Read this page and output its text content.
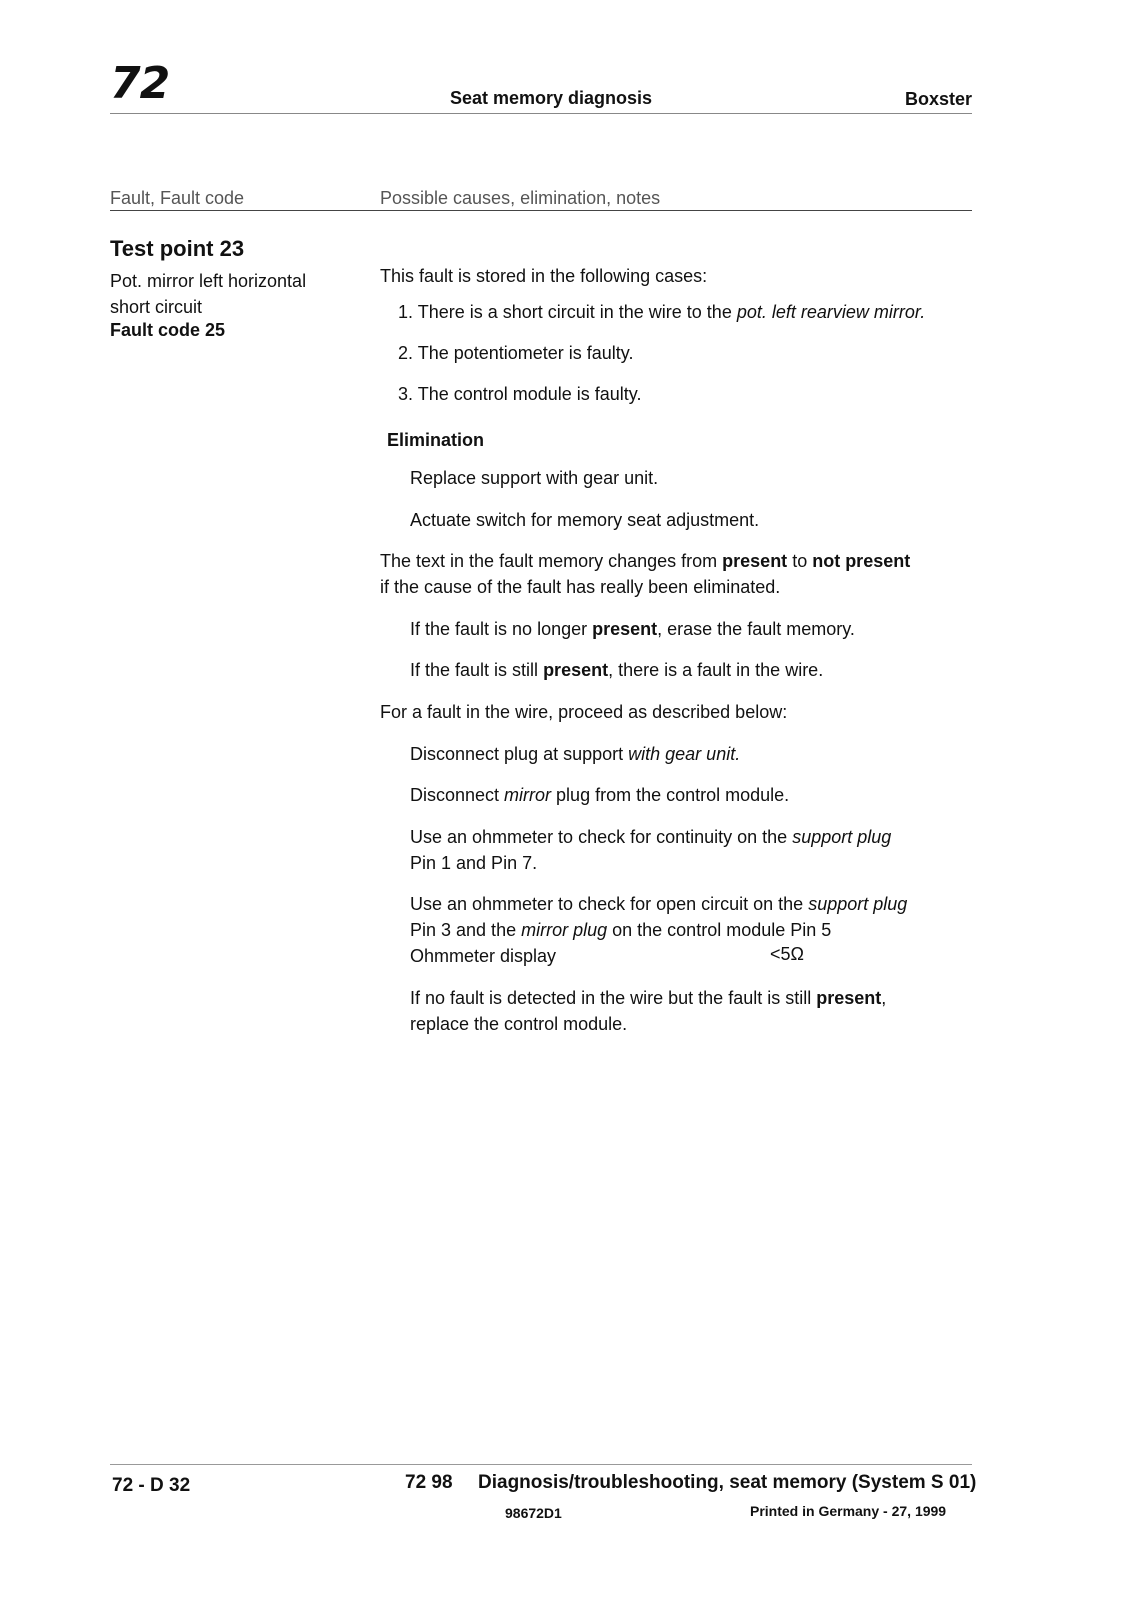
72	Seat memory diagnosis	Boxster
Fault, Fault code	Possible causes, elimination, notes
Test point 23
Pot. mirror left horizontal
short circuit
Fault code 25
This fault is stored in the following cases:
1. There is a short circuit in the wire to the pot. left rearview mirror.
2. The potentiometer is faulty.
3. The control module is faulty.
Elimination
Replace support with gear unit.
Actuate switch for memory seat adjustment.
The text in the fault memory changes from present to not present
if the cause of the fault has really been eliminated.
If the fault is no longer present, erase the fault memory.
If the fault is still present, there is a fault in the wire.
For a fault in the wire, proceed as described below:
Disconnect plug at support with gear unit.
Disconnect mirror plug from the control module.
Use an ohmmeter to check for continuity on the support plug
Pin 1 and Pin 7.
Use an ohmmeter to check for open circuit on the support plug
Pin 3 and the mirror plug on the control module Pin 5
Ohmmeter display	<5Ω
If no fault is detected in the wire but the fault is still present,
replace the control module.
72 - D 32	72 98 Diagnosis/troubleshooting, seat memory (System S 01)
98672D1	Printed in Germany - 27, 1999
